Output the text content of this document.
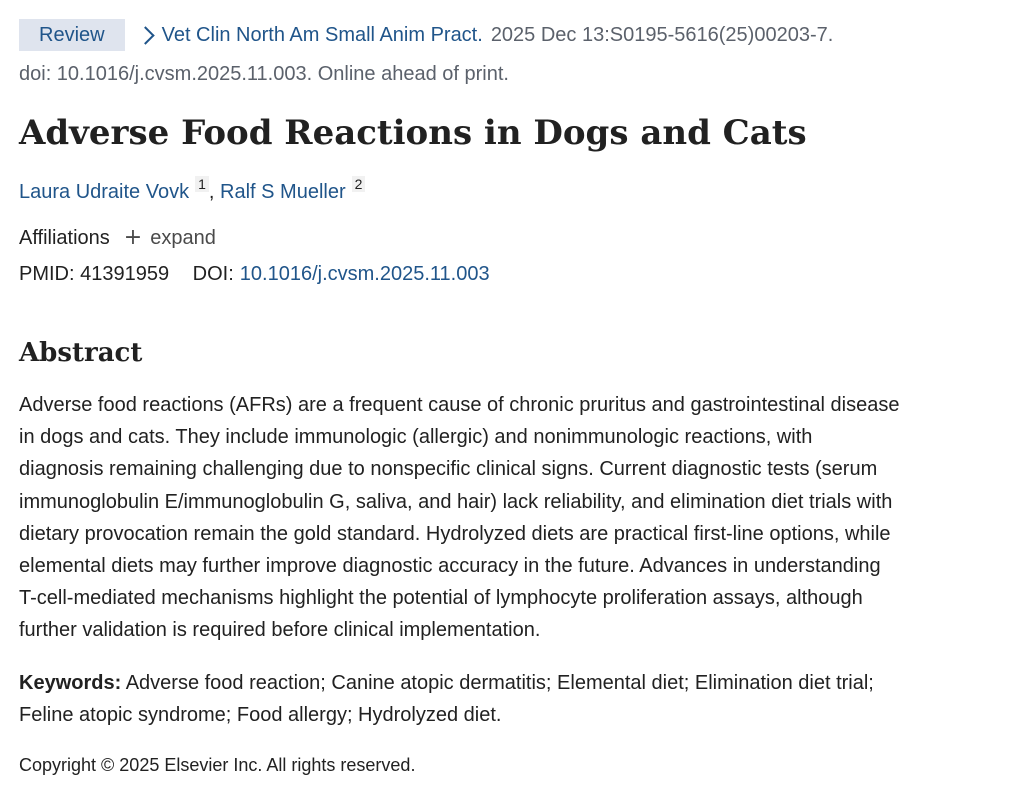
Review	Vet Clin North Am Small Anim Pract. 2025 Dec 13:S0195-5616(25)00203-7.
doi: 10.1016/j.cvsm.2025.11.003. Online ahead of print.
Adverse Food Reactions in Dogs and Cats
Laura Udraite Vovk 1 , Ralf S Mueller 2
Affiliations + expand
PMID: 41391959 DOI: 10.1016/j.cvsm.2025.11.003
Abstract
Adverse food reactions (AFRs) are a frequent cause of chronic pruritus and gastrointestinal disease
in dogs and cats. They include immunologic (allergic) and nonimmunologic reactions, with
diagnosis remaining challenging due to nonspecific clinical signs. Current diagnostic tests (serum
immunoglobulin E/immunoglobulin G, saliva, and hair) lack reliability, and elimination diet trials with
dietary provocation remain the gold standard. Hydrolyzed diets are practical first-line options, while
elemental diets may further improve diagnostic accuracy in the future. Advances in understanding
T-cell-mediated mechanisms highlight the potential of lymphocyte proliferation assays, although
further validation is required before clinical implementation.
Keywords: Adverse food reaction; Canine atopic dermatitis; Elemental diet; Elimination diet trial;
Feline atopic syndrome; Food allergy; Hydrolyzed diet.
Copyright © 2025 Elsevier Inc. All rights reserved.
